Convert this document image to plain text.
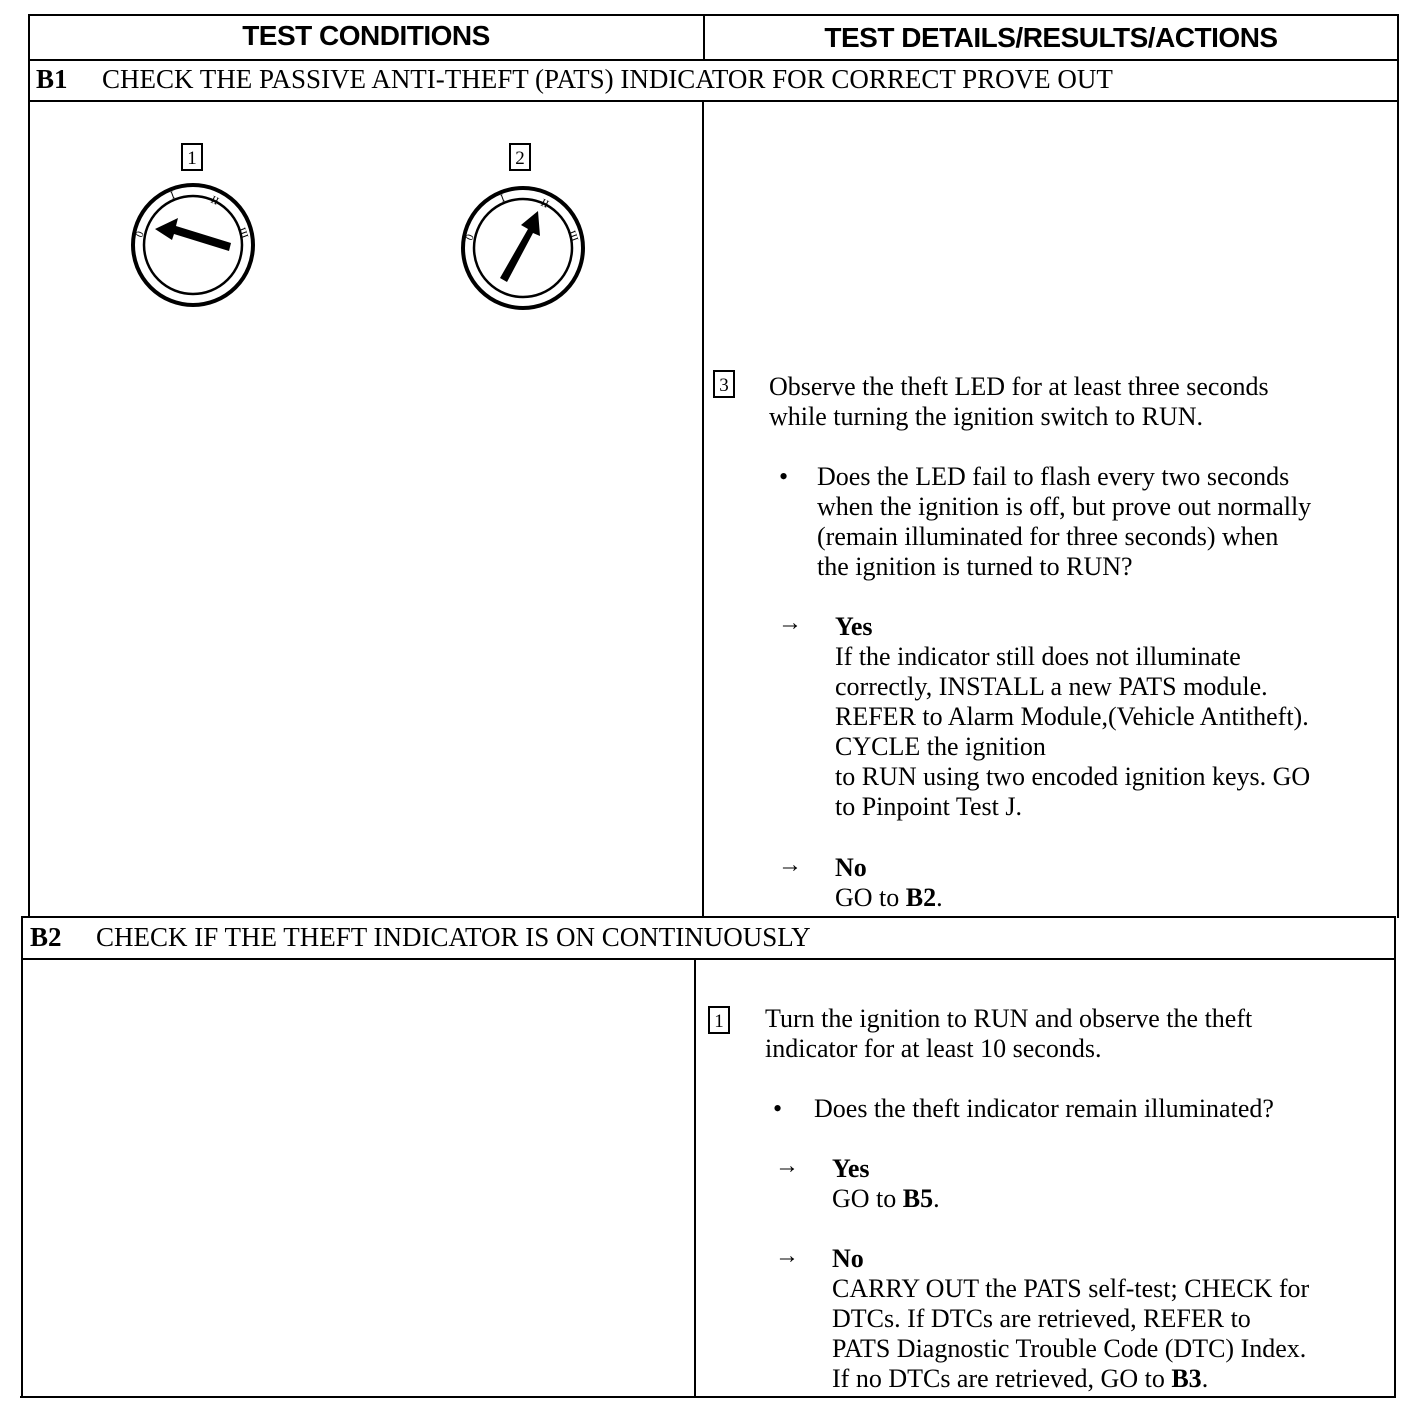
TEST CONDITIONS	TEST DETAILS/RESULTS/ACTIONS
B1 CHECK THE PASSIVE ANTI-THEFT (PATS) INDICATOR FOR CORRECT PROVE OUT
1	2
0
I	II
III	0
I	II
III
3 Observe the theft LED for at least three seconds
while turning the ignition switch to RUN.
• Does the LED fail to flash every two seconds
when the ignition is off, but prove out normally
(remain illuminated for three seconds) when
the ignition is turned to RUN?
→ Yes
If the indicator still does not illuminate
correctly, INSTALL a new PATS module.
REFER to Alarm Module,(Vehicle Antitheft).
CYCLE the ignition
to RUN using two encoded ignition keys. GO
to Pinpoint Test J.
→ No
GO to B2.
B2 CHECK IF THE THEFT INDICATOR IS ON CONTINUOUSLY
1 Turn the ignition to RUN and observe the theft
indicator for at least 10 seconds.
• Does the theft indicator remain illuminated?
→ Yes
GO to B5.
→ No
CARRY OUT the PATS self-test; CHECK for
DTCs. If DTCs are retrieved, REFER to
PATS Diagnostic Trouble Code (DTC) Index.
If no DTCs are retrieved, GO to B3.
